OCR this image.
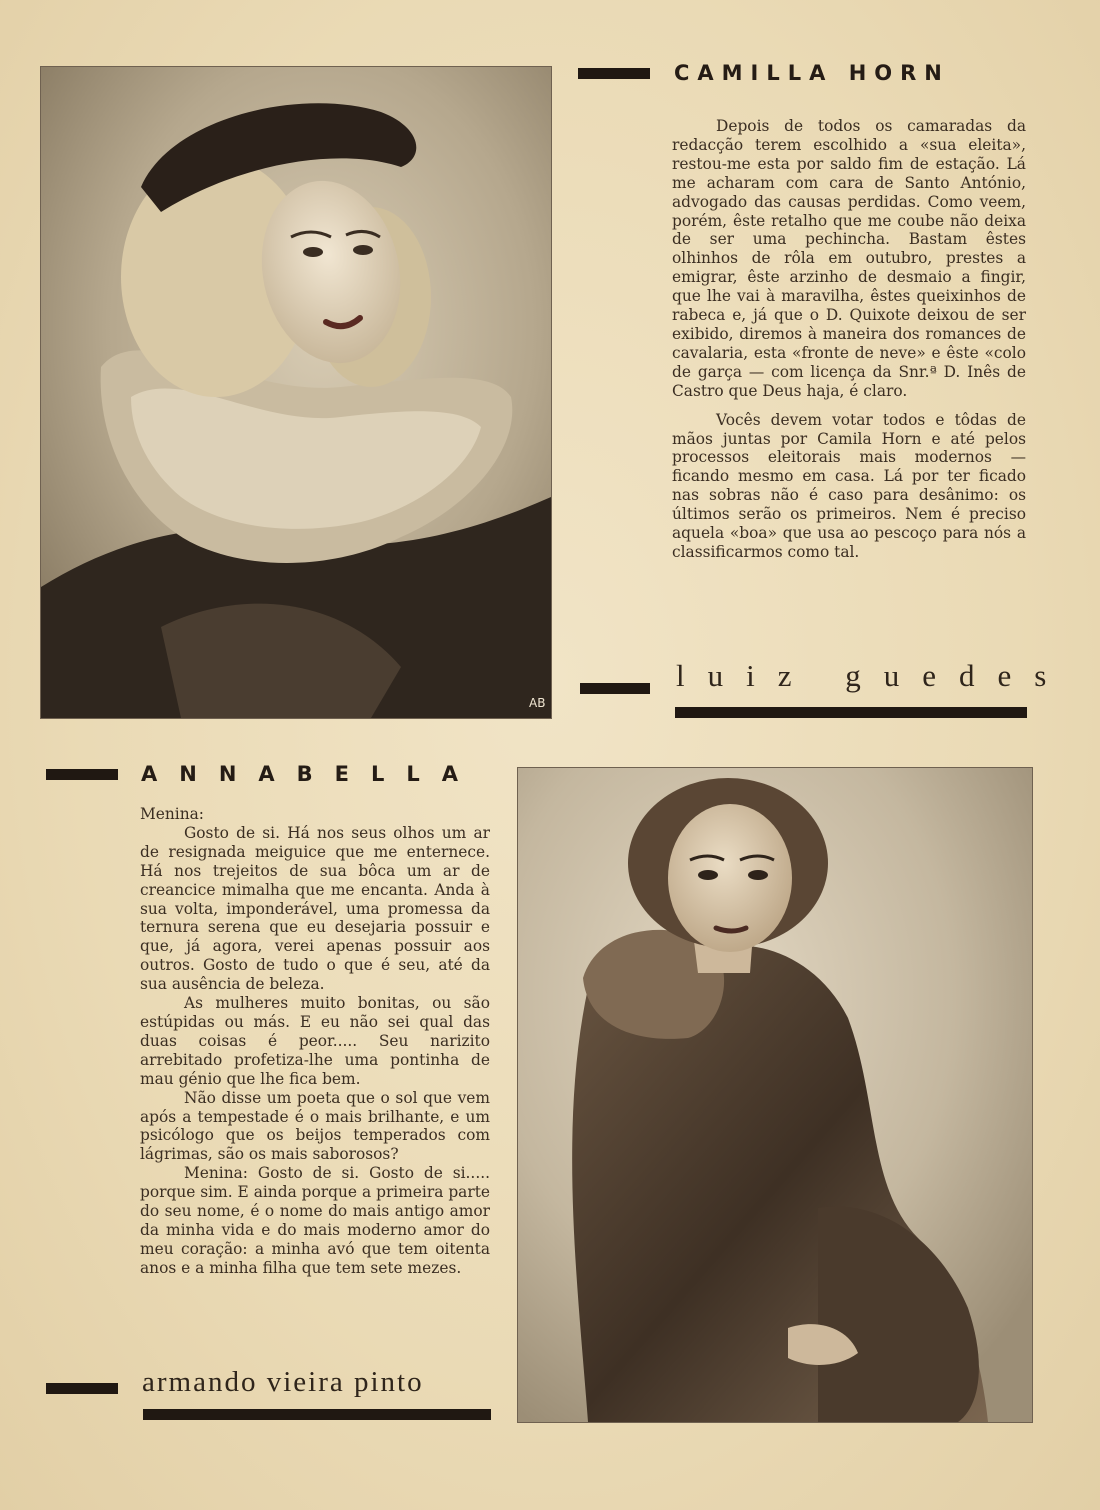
AB
CAMILLA HORN

Depois de todos os camaradas da redacção terem escolhido a «sua eleita», restou-me esta por saldo fim de estação. Lá me acharam com cara de Santo António, advogado das causas perdidas. Como veem, porém, êste retalho que me coube não deixa de ser uma pechincha. Bastam êstes olhinhos de rôla em outubro, prestes a emigrar, êste arzinho de desmaio a fingir, que lhe vai à maravilha, êstes queixinhos de rabeca e, já que o D. Quixote deixou de ser exibido, diremos à maneira dos romances de cavalaria, esta «fronte de neve» e êste «colo de garça — com licença da Snr.ª D. Inês de Castro que Deus haja, é claro.

Vocês devem votar todos e tôdas de mãos juntas por Camila Horn e até pelos processos eleitorais mais modernos — ficando mesmo em casa. Lá por ter ficado nas sobras não é caso para desânimo: os últimos serão os primeiros. Nem é preciso aquela «boa» que usa ao pescoço para nós a classificarmos como tal.

luiz guedes
ANNABELLA

Menina:

Gosto de si. Há nos seus olhos um ar de resignada meiguice que me enternece. Há nos trejeitos de sua bôca um ar de creancice mimalha que me encanta. Anda à sua volta, imponderável, uma promessa da ternura serena que eu desejaria possuir e que, já agora, verei apenas possuir aos outros. Gosto de tudo o que é seu, até da sua ausência de beleza.

As mulheres muito bonitas, ou são estúpidas ou más. E eu não sei qual das duas coisas é peor..... Seu narizito arrebitado profetiza-lhe uma pontinha de mau génio que lhe fica bem.

Não disse um poeta que o sol que vem após a tempestade é o mais brilhante, e um psicólogo que os beijos temperados com lágrimas, são os mais saborosos?

Menina: Gosto de si. Gosto de si..... porque sim. E ainda porque a primeira parte do seu nome, é o nome do mais antigo amor da minha vida e do mais moderno amor do meu coração: a minha avó que tem oitenta anos e a minha filha que tem sete mezes.

armando vieira pinto
